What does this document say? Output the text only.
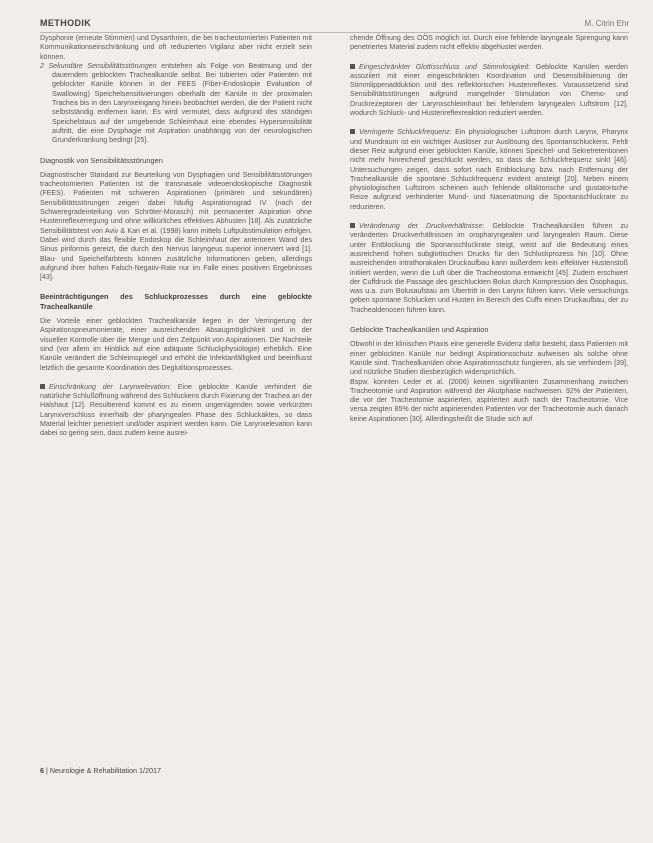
METHODIK	M. Citrin Ehr

Dysphonie (erneute Stimmen) und Dysarthrien, die bei tracheotomierten Patienten mit Kommunikationseinschränkung und oft reduzierten Vigilanz aber nicht erzielt sein können.

2 Sekundäre Sensibilitätsstörungen entstehen als Folge von Beatmung und der dauerndem geblockten Trachealkanüle selbst. Bei tubierten oder Patienten mit geblockter Kanüle können in der FEES (Fiber-Endoskopie Evaluation of Swallowing) Speichelsensitivierungen oberhalb der Kanüle in der proximalen Trachea bis in den Larynxeingang hinein beobachtet werden, die der Patient nicht selbstständig entfernen kann. Es wird vermutet, dass aufgrund des ständigen Speichelstaus auf der umgebende Schleimhaut eine ebendes Hypersensibilität auftritt, die eine Dysphagie mit Aspiration unabhängig von der neurologischen Grunderkrankung bedingt [25].

Diagnostik von Sensibilitätsstörungen

Diagnostischer Standard zur Beurteilung von Dysphagien und Sensibilitätsstörungen tracheotomierten Patienten ist die transnasale videoendoskopische Diagnostik (FEES). Patienten mit schweren Aspirationen (primären und sekundären) Sensibilitätsstörungen zeigen dabei häufig Aspirationsgrad IV (nach der Schweregradeinteilung von Schröter-Morasch) mit permanenter Aspiration ohne Hustenreflexerregung und ohne willkürliches effektives Abhusten [18]. Als zusätzliche Sensibilitätstest von Aviv & Kan et al. (1998) kann mittels Luftpulsstimulation erfolgen. Dabei wird durch das flexible Endoskop die Schleimhaut der anterioren Wand des Sinus piriformis gereizt, die durch den Nervus laryngeus superior innerviert wird [1]. Blau- und Speichelfarbtests können zusätzliche Informationen geben, allerdings aufgrund ihrer hohen Falsch-Negativ-Rate nur im Falle eines positiven Ergebnisses [43].

Beeinträchtigungen des Schluckprozesses durch eine geblockte Trachealkanüle

Die Vorteile einer geblockten Trachealkanüle liegen in der Verringerung der Aspirationspneumonierate, einer ausreichenden Absaugmöglichkeit und in der visuellen Kontrolle über die Menge und den Zeitpunkt von Aspirationen. Die Nachteile sind (vor allem im Hinblick auf eine adäquate Schluckphysiologie) erheblich. Eine Kanüle verändert die Schleimspiegel und erhöht die Infektanfälligkeit und beeinflusst letztlich die gesamte Koordination des Deglutitionsprozesses.

Einschränkung der Larynxelevation: Eine geblockte Kanüle verhindert die natürliche Schlußöffnung während des Schluckens durch Fixierung der Trachea an der Halshaut [12]. Resultierend kommt es zu einem ungenügenden sowie verkürzten Larynxverschluss innerhalb der pharyngealen Phase des Schluckaktes, so dass Material leichter penetriert und/oder aspiriert werden kann. Die Larynxelevation kann dabei so gering sein, dass zudem keine ausrei-

chende Öffnung des OÖS möglich ist. Durch eine fehlende laryngeale Sprengung kann penetriertes Material zudem nicht effektiv abgehustet werden.

Eingeschränkter Glottisschluss und Stimmlosigkeit: Geblockte Kanülen werden assoziiert mit einer eingeschränkten Koordination und Desensibilisierung der Stimmlippenadduktion und des reflektorischen Hustenreflexes. Voraussetzend sind Sensibilitätsstörungen aufgrund mangelnder Stimulation von Chemo- und Druckrezeptoren der Larynxschleimhaut bei fehlendem laryngealen Luftstrom [12], wodurch Schluck- und Hustenreflexreaktion reduziert werden.

Verringerte Schluckfrequenz: Ein physiologischer Luftstrom durch Larynx, Pharynx und Mundraum ist ein wichtiger Auslöser zur Auslösung des Spontanschluckens. Fehlt dieser Reiz aufgrund einer geblockten Kanüle, können Speichel- und Sekretretentionen nicht mehr hinreichend geschluckt werden, so dass die Schluckfrequenz sinkt [46]. Untersuchungen zeigen, dass sofort nach Entblockung bzw. nach Entfernung der Trachealkanüle die spontane Schluckfrequenz evident ansteigt [20]. Neben einem physiologischen Luftstrom scheinen auch fehlende olfaktorische und gustatorische Reize aufgrund verhinderter Mund- und Nasenatmung die Spontanschluckrate zu reduzieren.

Veränderung der Druckverhältnisse: Geblockte Trachealkanülen führen zu veränderten Druckverhältnissen im oropharyngealen und laryngealen Raum. Diese unter Entblockung die Sponanschluckrate steigt, weist auf die Bedeutung eines ausreichend hohen subglottischen Drucks für den Schluckprozess hin [10]. Ohne ausreichenden intrathorakalen Druckaufbau kann außerdem kein effektiver Hustenstoß initiiert werden, wenn die Luft über die Tracheostoma entweicht [45]. Zudem erschwert der Cuffdruck die Passage des geschluckten Bolus durch Kompression des Ösophagus, was u.a. zum Bolusaufstau am Übertritt in den Larynx führen kann. Viele versuchungs geben spontane Schlucken und Husten im Bereich des Cuffs einen Druckaufbau, der zu Trachealdenosen führen kann.

Geblockte Trachealkanülen und Aspiration

Obwohl in der klinischen Praxis eine generelle Evidenz dafür besteht, dass Patienten mit einer geblockten Kanüle nur bedingt Aspirationsschutz aufweisen als solche ohne Kanüle sind. Trachealkanülen ohne Aspirationsschutz fungieren, als sie verhindern [39], und nützliche Studien diesbezüglich widersprüchlich.

Bspw. konnten Leder et al. (2006) keinen signifikanten Zusammenhang zwischen Tracheotomie und Aspiration während der Akutphase nachweisen. 92% der Patienten, die vor der Tracheotomie aspirierten, aspirierten auch nach der Tracheotomie. Vice versa zeigten 85% der nicht aspirierenden Patienten vor der Tracheotomie auch danach keine Aspirationen [30]. Allerdingsheißt die Studie sich auf

6 | Neurologie & Rehabilitation 1/2017
